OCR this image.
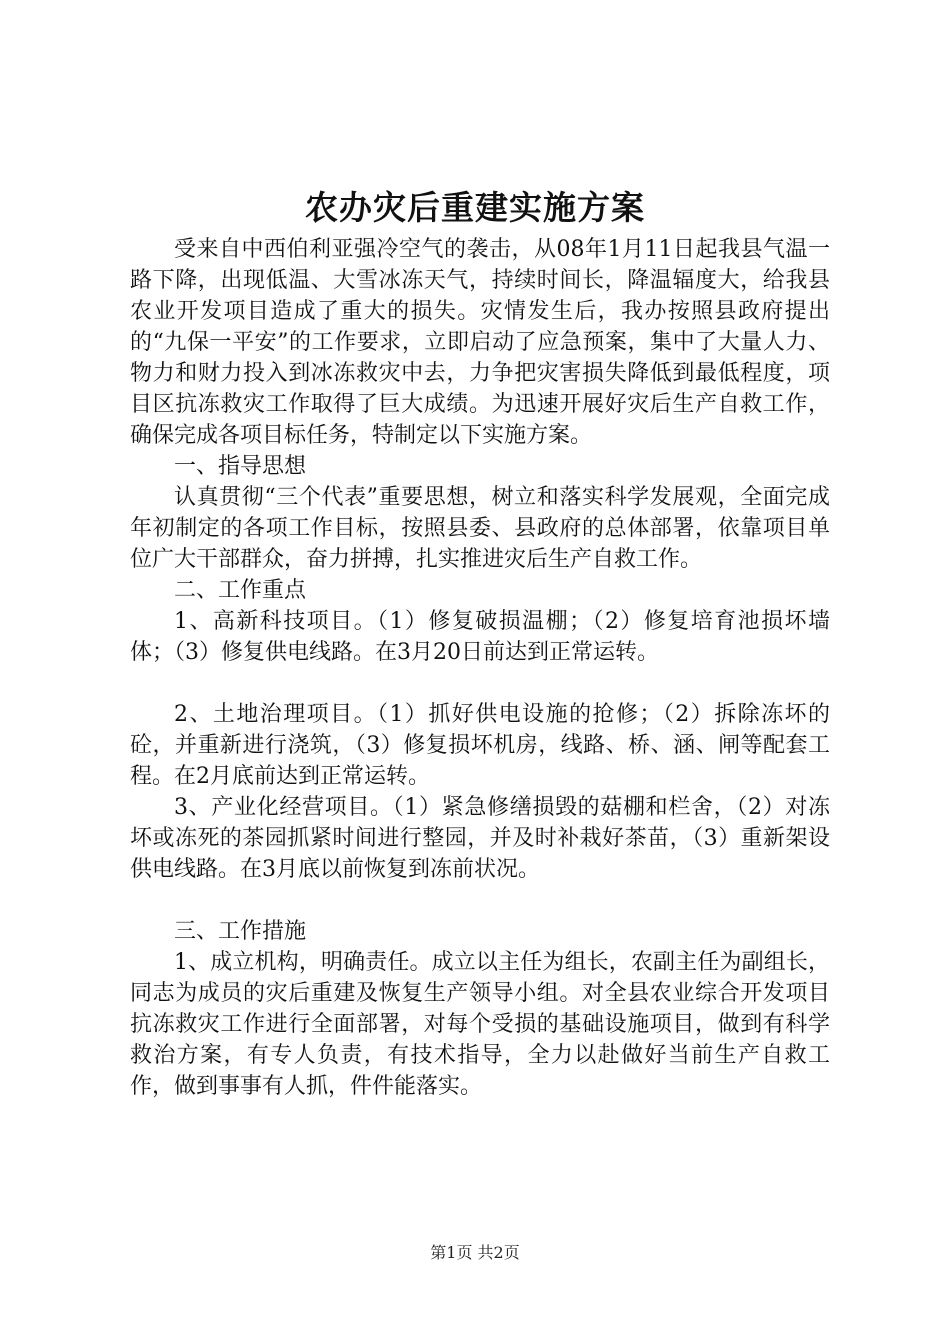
农办灾后重建实施方案

受来自中西伯利亚强冷空气的袭击，从08年1月11日起我县气温一路下降，出现低温、大雪冰冻天气，持续时间长，降温辐度大，给我县农业开发项目造成了重大的损失。灾情发生后，我办按照县政府提出的“九保一平安”的工作要求，立即启动了应急预案，集中了大量人力、物力和财力投入到冰冻救灾中去，力争把灾害损失降低到最低程度，项目区抗冻救灾工作取得了巨大成绩。为迅速开展好灾后生产自救工作，确保完成各项目标任务，特制定以下实施方案。

一、指导思想

认真贯彻“三个代表”重要思想，树立和落实科学发展观，全面完成年初制定的各项工作目标，按照县委、县政府的总体部署，依靠项目单位广大干部群众，奋力拼搏，扎实推进灾后生产自救工作。

二、工作重点

1、高新科技项目。（1）修复破损温棚；（2）修复培育池损坏墙体；（3）修复供电线路。在3月20日前达到正常运转。

2、土地治理项目。（1）抓好供电设施的抢修；（2）拆除冻坏的砼，并重新进行浇筑，（3）修复损坏机房，线路、桥、涵、闸等配套工程。在2月底前达到正常运转。

3、产业化经营项目。（1）紧急修缮损毁的菇棚和栏舍，（2）对冻坏或冻死的茶园抓紧时间进行整园，并及时补栽好茶苗，（3）重新架设供电线路。在3月底以前恢复到冻前状况。

三、工作措施

1、成立机构，明确责任。成立以主任为组长，农副主任为副组长，同志为成员的灾后重建及恢复生产领导小组。对全县农业综合开发项目抗冻救灾工作进行全面部署，对每个受损的基础设施项目，做到有科学救治方案，有专人负责，有技术指导，全力以赴做好当前生产自救工作，做到事事有人抓，件件能落实。

第1页 共2页
